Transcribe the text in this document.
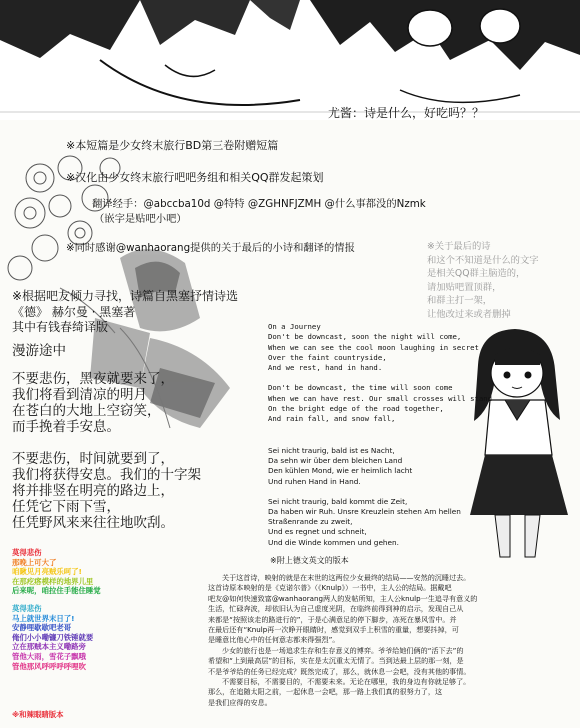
尤酱：诗是什么，好吃吗？？
※本短篇是少女终末旅行BD第三卷附赠短篇
※汉化由少女终末旅行吧吧务组和相关QQ群发起策划
翻译经手：@abccba10d @特特 @ZGHNFJZMH @什么事都没的Nzmk
（嵌字是贴吧小吧）
※同时感谢@wanhaorang提供的关于最后的小诗和翻译的情报	※关于最后的诗
和这个不知道是什么的文字
是相关QQ群主脑造的，
请加贴吧置顶群，
和群主打一架，
让他改过来或者删掉
※根据吧友倾力寻找，诗篇自黑塞抒情诗选
《德》 赫尔曼 · 黑塞著
其中有钱春绮译版
漫游途中
不要悲伤，黑夜就要来了，
我们将看到清凉的明月
在苍白的大地上空窃笑，
而手挽着手安息。
不要悲伤，时间就要到了，
我们将获得安息。我们的十字架
将并排竖在明亮的路边上，
任凭它下雨下雪，
任凭野风来来往往地吹刮。
On a Journey
Don't be downcast, soon the night will come,
When we can see the cool moon laughing in secret
Over the faint countryside,
And we rest, hand in hand.
Don't be downcast, the time will soon come
When we can have rest. Our small crosses will stand
On the bright edge of the road together,
And rain fall, and snow fall,
Sei nicht traurig, bald ist es Nacht,
Da sehn wir über dem bleichen Land
Den kühlen Mond, wie er heimlich lacht
Und ruhen Hand in Hand.
Sei nicht traurig, bald kommt die Zeit,
Da haben wir Ruh. Unsre Kreuzlein stehen Am hellen
Straßenrande zu zweit,
Und es regnet und schneit,
Und die Winde kommen und gehen.
※附上德文英文的版本
莫得悲伤
那晚上可大了
咱瞅见月亮贼乐呵了!
在那疙瘩模样的地界儿里
后来呢，咱拉住手能住睡觉
莫得悲伤
马上就世界末日了!
安静哩歇歇吧老哥
俺们小小嘞镰刀铁锤就要
立在那贼本主义嘞路旁
管他大雨，雪花子飘哦
管他那风呼呼呼呼哩吹
※和辣眼睛版本
关于这首诗，映射的就是在末世的这两位少女最终的结局——安然的沉睡过去。
这首诗原本映射的是《克诺尔普》（《Knulp》）一书中，主人公的结局。据戴吧
吧友@如何快速致富@wanhaorang两人的发帖所知，主人公knulp一生追寻有意义的
生活，忙碌奔波，却依旧认为自己虚度光阴，在临终前得到神的启示，发现自己从
来都是“按照该走的路进行的”，于是心满意足的停下脚步，冻死在暴风雪中。并
在最后还有“Knulp再一次睁开眼睛时，感觉到双手上积雪的重量，想要抖掉，可
是睡意比他心中的任何意志都来得强烈”。
少女的旅行也是一场追求生存和生存意义的博弈。爷爷给她们俩的“活下去”的
希望和“上到最高层”的目标，实在是太沉重太无情了。当到达最上层的那一刻，是
不是爷爷给的任务已经完成？既然完成了，那么，就休息一会吧，没有其他的事情。
不需要目标，不需要目的，不需要未来。无论在哪里，我的身边有你就足够了。
那么，在追随太阳之前，一起休息一会吧，那一路上我们真的很努力了，这
是我们应得的安息。
